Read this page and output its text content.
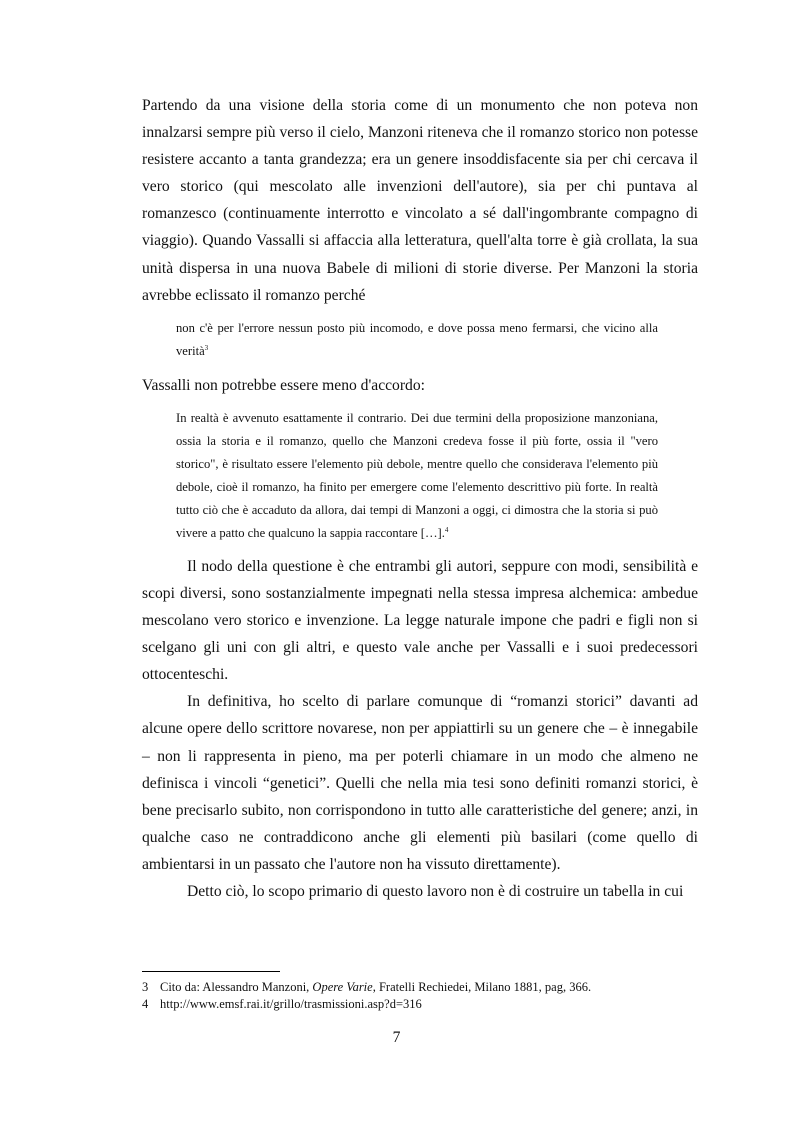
Partendo da una visione della storia come di un monumento che non poteva non innalzarsi sempre più verso il cielo, Manzoni riteneva che il romanzo storico non potesse resistere accanto a tanta grandezza; era un genere insoddisfacente sia per chi cercava il vero storico (qui mescolato alle invenzioni dell'autore), sia per chi puntava al romanzesco (continuamente interrotto e vincolato a sé dall'ingombrante compagno di viaggio). Quando Vassalli si affaccia alla letteratura, quell'alta torre è già crollata, la sua unità dispersa in una nuova Babele di milioni di storie diverse. Per Manzoni la storia avrebbe eclissato il romanzo perché

non c'è per l'errore nessun posto più incomodo, e dove possa meno fermarsi, che vicino alla verità$^3$

Vassalli non potrebbe essere meno d'accordo:

In realtà è avvenuto esattamente il contrario. Dei due termini della proposizione manzoniana, ossia la storia e il romanzo, quello che Manzoni credeva fosse il più forte, ossia il "vero storico", è risultato essere l'elemento più debole, mentre quello che considerava l'elemento più debole, cioè il romanzo, ha finito per emergere come l'elemento descrittivo più forte. In realtà tutto ciò che è accaduto da allora, dai tempi di Manzoni a oggi, ci dimostra che la storia si può vivere a patto che qualcuno la sappia raccontare […].$^4$

Il nodo della questione è che entrambi gli autori, seppure con modi, sensibilità e scopi diversi, sono sostanzialmente impegnati nella stessa impresa alchemica: ambedue mescolano vero storico e invenzione. La legge naturale impone che padri e figli non si scelgano gli uni con gli altri, e questo vale anche per Vassalli e i suoi predecessori ottocenteschi.

In definitiva, ho scelto di parlare comunque di “romanzi storici” davanti ad alcune opere dello scrittore novarese, non per appiattirli su un genere che – è innegabile – non li rappresenta in pieno, ma per poterli chiamare in un modo che almeno ne definisca i vincoli “genetici”. Quelli che nella mia tesi sono definiti romanzi storici, è bene precisarlo subito, non corrispondono in tutto alle caratteristiche del genere; anzi, in qualche caso ne contraddicono anche gli elementi più basilari (come quello di ambientarsi in un passato che l'autore non ha vissuto direttamente).

Detto ciò, lo scopo primario di questo lavoro non è di costruire un tabella in cui

3 Cito da: Alessandro Manzoni, Opere Varie, Fratelli Rechiedei, Milano 1881, pag, 366.

4 http://www.emsf.rai.it/grillo/trasmissioni.asp?d=316

7
